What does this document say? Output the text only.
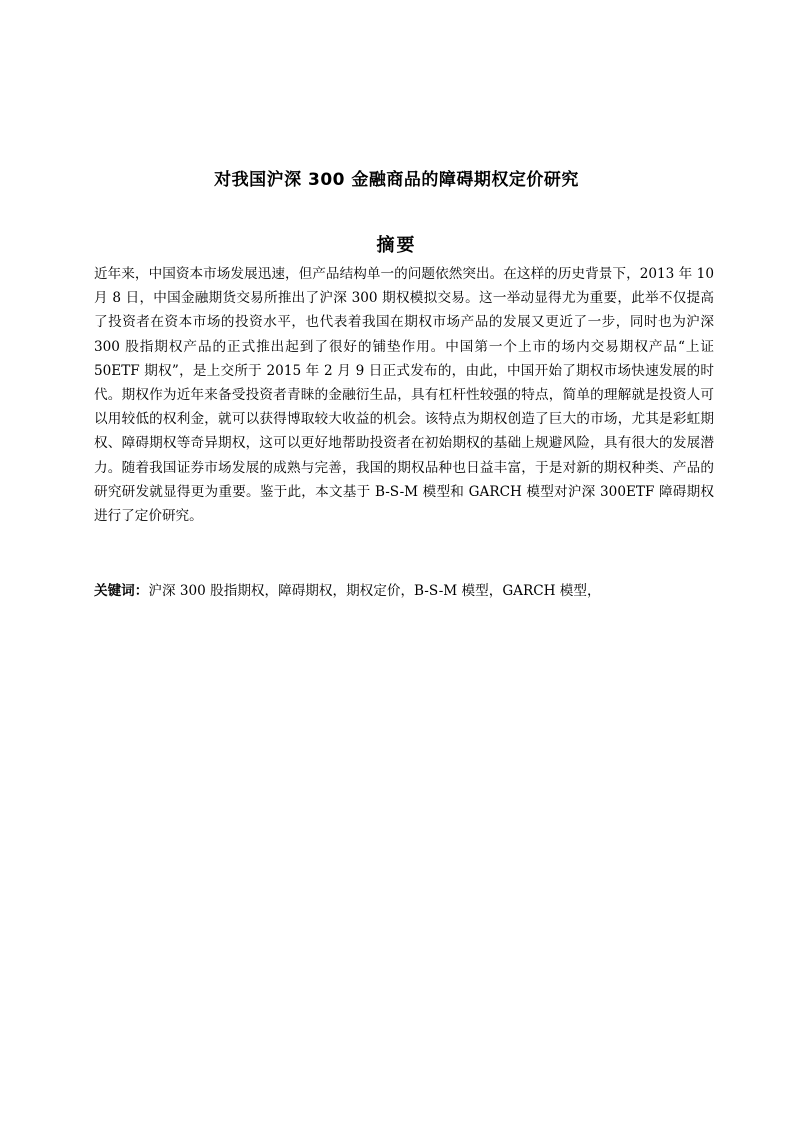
对我国沪深 300 金融商品的障碍期权定价研究
摘要
近年来，中国资本市场发展迅速，但产品结构单一的问题依然突出。在这样的历史背景下，2013 年 10 月 8 日，中国金融期货交易所推出了沪深 300 期权模拟交易。这一举动显得尤为重要，此举不仅提高了投资者在资本市场的投资水平，也代表着我国在期权市场产品的发展又更近了一步，同时也为沪深 300 股指期权产品的正式推出起到了很好的铺垫作用。中国第一个上市的场内交易期权产品“上证 50ETF 期权”，是上交所于 2015 年 2 月 9 日正式发布的，由此，中国开始了期权市场快速发展的时代。期权作为近年来备受投资者青睐的金融衍生品，具有杠杆性较强的特点，简单的理解就是投资人可以用较低的权利金，就可以获得博取较大收益的机会。该特点为期权创造了巨大的市场，尤其是彩虹期权、障碍期权等奇异期权，这可以更好地帮助投资者在初始期权的基础上规避风险，具有很大的发展潜力。随着我国证券市场发展的成熟与完善，我国的期权品种也日益丰富，于是对新的期权种类、产品的研究研发就显得更为重要。鉴于此，本文基于 B-S-M 模型和 GARCH 模型对沪深 300ETF 障碍期权进行了定价研究。
关键词：沪深 300 股指期权，障碍期权，期权定价，B-S-M 模型，GARCH 模型，
